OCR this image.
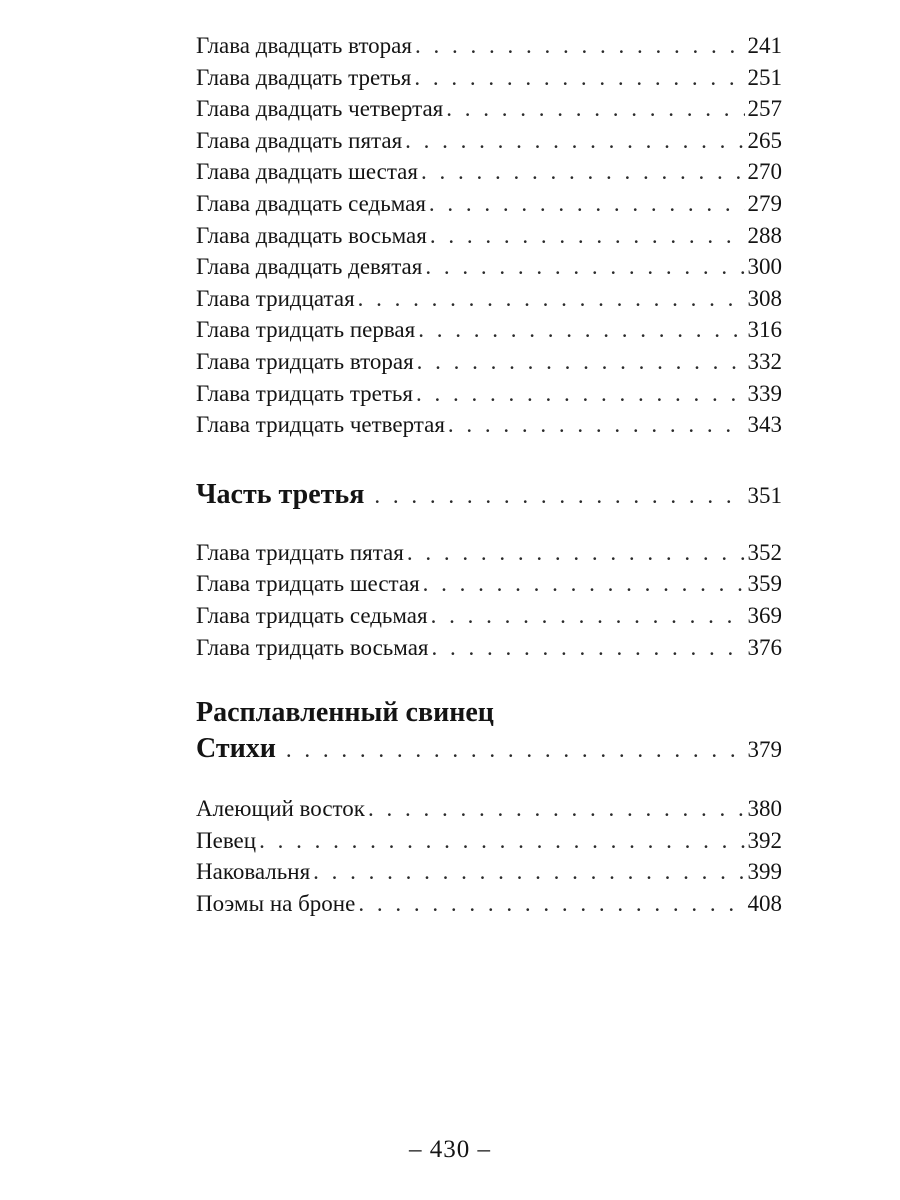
Глава двадцать вторая . . .	241
Глава двадцать третья . . .	251
Глава двадцать четвертая . . .	257
Глава двадцать пятая . . .	265
Глава двадцать шестая . . .	270
Глава двадцать седьмая . . .	279
Глава двадцать восьмая . . .	288
Глава двадцать девятая . . .	300
Глава тридцатая . . .	308
Глава тридцать первая . . .	316
Глава тридцать вторая . . .	332
Глава тридцать третья . . .	339
Глава тридцать четвертая . . .	343
Часть третья . . .	351
Глава тридцать пятая . . .	352
Глава тридцать шестая . . .	359
Глава тридцать седьмая . . .	369
Глава тридцать восьмая . . .	376
Расплавленный свинец
Стихи . . .	379
Алеющий восток . . .	380
Певец . . .	392
Наковальня . . .	399
Поэмы на броне . . .	408
– 430 –
